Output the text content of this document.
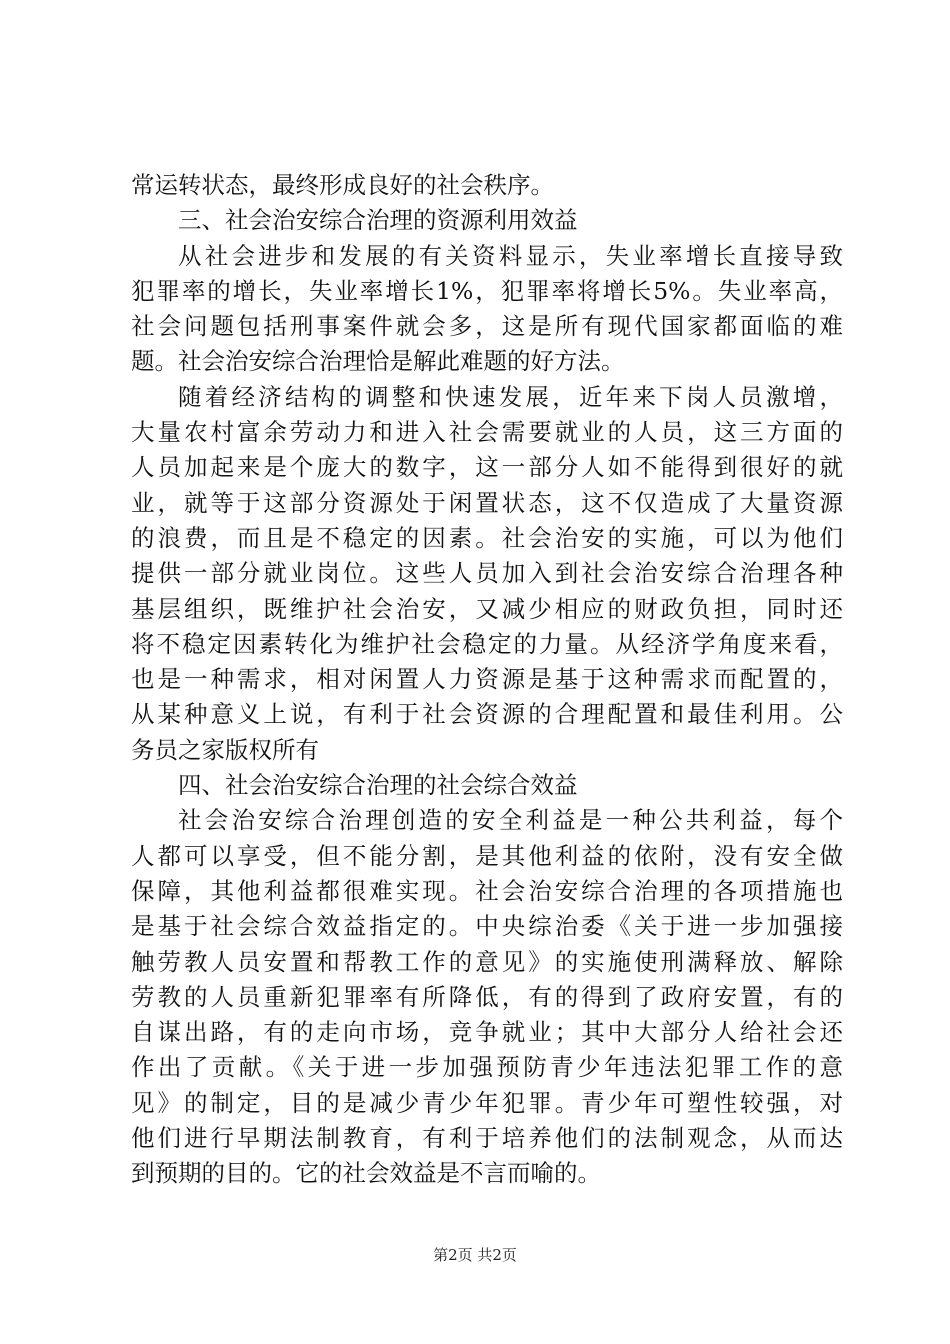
常运转状态，最终形成良好的社会秩序。
三、社会治安综合治理的资源利用效益
从社会进步和发展的有关资料显示，失业率增长直接导致
犯罪率的增长，失业率增长1%，犯罪率将增长5%。失业率高，
社会问题包括刑事案件就会多，这是所有现代国家都面临的难
题。社会治安综合治理恰是解此难题的好方法。
随着经济结构的调整和快速发展，近年来下岗人员激增，
大量农村富余劳动力和进入社会需要就业的人员，这三方面的
人员加起来是个庞大的数字，这一部分人如不能得到很好的就
业，就等于这部分资源处于闲置状态，这不仅造成了大量资源
的浪费，而且是不稳定的因素。社会治安的实施，可以为他们
提供一部分就业岗位。这些人员加入到社会治安综合治理各种
基层组织，既维护社会治安，又减少相应的财政负担，同时还
将不稳定因素转化为维护社会稳定的力量。从经济学角度来看，
也是一种需求，相对闲置人力资源是基于这种需求而配置的，
从某种意义上说，有利于社会资源的合理配置和最佳利用。公
务员之家版权所有
四、社会治安综合治理的社会综合效益
社会治安综合治理创造的安全利益是一种公共利益，每个
人都可以享受，但不能分割，是其他利益的依附，没有安全做
保障，其他利益都很难实现。社会治安综合治理的各项措施也
是基于社会综合效益指定的。中央综治委《关于进一步加强接
触劳教人员安置和帮教工作的意见》的实施使刑满释放、解除
劳教的人员重新犯罪率有所降低，有的得到了政府安置，有的
自谋出路，有的走向市场，竞争就业；其中大部分人给社会还
作出了贡献。《关于进一步加强预防青少年违法犯罪工作的意
见》的制定，目的是减少青少年犯罪。青少年可塑性较强，对
他们进行早期法制教育，有利于培养他们的法制观念，从而达
到预期的目的。它的社会效益是不言而喻的。
第2页 共2页
